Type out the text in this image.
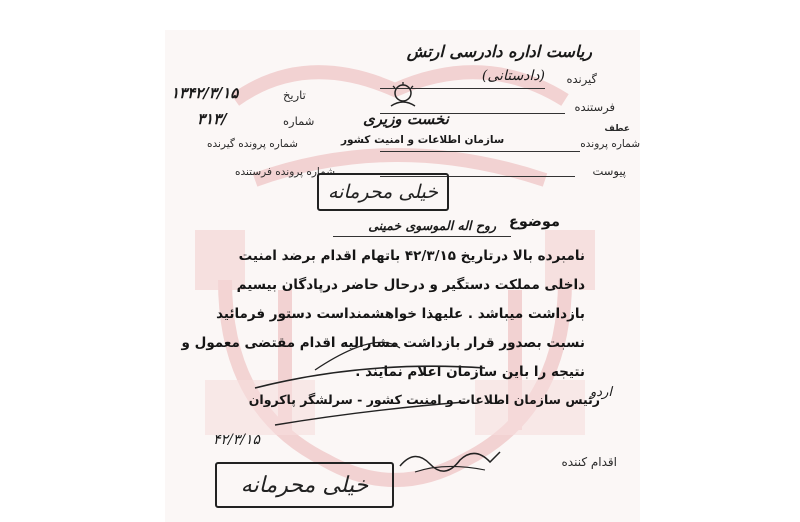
ریاست اداره دادرسی ارتش
گیرنده
(دادستانی)
فرستنده
عطف
شماره پرونده
پیوست
۱۳۴۲/۳/۱۵	تاریخ
۳۱۳/	شماره
شماره پرونده گیرنده
شماره پرونده فرستنده
نخست وزیری
سازمان اطلاعات و امنیت کشور
خیلی محرمانه
موضوع
روح اله الموسوی خمینی
نامبرده بالا درتاریخ ۴۲/۳/۱۵ باتهام اقدام برضد امنیت
داخلی مملکت دستگیر و درحال حاضر درپادگان بیسیم
بازداشت میباشد . علیهذا خواهشمنداست دستور فرمائید
نسبت بصدور قرار بازداشت مشارالیه اقدام مقتضی معمول و
نتیجه را باین سازمان اعلام نمایند .
رئیس سازمان اطلاعات و امنیت کشور - سرلشگر پاکروان
اردو
۴۲/۳/۱۵
اقدام کننده
خیلی محرمانه
